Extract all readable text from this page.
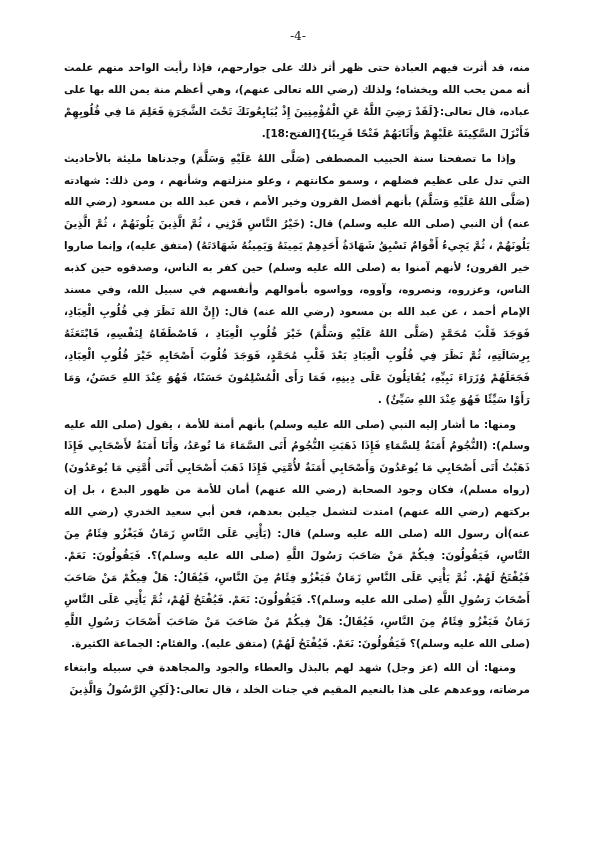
-4-

منه، قد أثرت فيهم العبادة حتى ظهر أثر ذلك على جوارحهم، فإذا رأيت الواحد منهم علمت أنه ممن يحب الله ويخشاه؛ ولذلك (رضي الله تعالى عنهم)، وهي أعظم منة يمن الله بها على عباده، قال تعالى:{لَقَدْ رَضِيَ اللَّهُ عَنِ الْمُؤْمِنِينَ إِذْ يُبَايِعُونَكَ تَحْتَ الشَّجَرَةِ فَعَلِمَ مَا فِي قُلُوبِهِمْ فَأَنْزَلَ السَّكِينَةَ عَلَيْهِمْ وَأَثَابَهُمْ فَتْحًا قَرِيبًا}[الفتح:18].

وإذا ما تصفحنا سنة الحبيب المصطفى (صَلَّى اللهُ عَلَيْهِ وَسَلَّمَ) وجدناها مليئة بالأحاديث التي تدل على عظيم فضلهم ، وسمو مكانتهم ، وعلو منزلتهم وشأنهم ، ومن ذلك: شهادته (صَلَّى اللهُ عَلَيْهِ وَسَلَّمَ) بأنهم أفضل القرون وخير الأمم ، فعن عبد الله بن مسعود (رضي الله عنه) أن النبي (صلى الله عليه وسلم) قال: (خَيْرُ النَّاسِ قَرْنِي ، ثُمَّ الَّذِينَ يَلُونَهُمْ ، ثُمَّ الَّذِينَ يَلُونَهُمْ ، ثُمَّ يَجِيءُ أَقْوَامٌ تَسْبِقُ شَهَادَةُ أَحَدِهِمْ يَمِينَهُ وَيَمِينُهُ شَهَادَتَهُ) (متفق عليه)، وإنما صاروا خير القرون؛ لأنهم آمنوا به (صلى الله عليه وسلم) حين كفر به الناس، وصدقوه حين كذبه الناس، وعزروه، ونصروه، وآووه، وواسوه بأموالهم وأنفسهم في سبيل الله، وفي مسند الإمام أحمد ، عن عبد الله بن مسعود (رضي الله عنه) قال: (إِنَّ اللهَ نَظَرَ فِي قُلُوبِ الْعِبَادِ، فَوَجَدَ قَلْبَ مُحَمَّدٍ (صَلَّى اللهُ عَلَيْهِ وَسَلَّمَ) خَيْرَ قُلُوبِ الْعِبَادِ ، فَاصْطَفَاهُ لِنَفْسِهِ، فَابْتَعَثَهُ بِرِسَالَتِهِ، ثُمَّ نَظَرَ فِي قُلُوبِ الْعِبَادِ بَعْدَ قَلْبِ مُحَمَّدٍ، فَوَجَدَ قُلُوبَ أَصْحَابِهِ خَيْرَ قُلُوبِ الْعِبَادِ، فَجَعَلَهُمْ وُزَرَاءَ نَبِيِّهِ، يُقَاتِلُونَ عَلَى دِينِهِ، فَمَا رَأَى الْمُسْلِمُونَ حَسَنًا، فَهُوَ عِنْدَ اللهِ حَسَنٌ، وَمَا رَأَوْا سَيِّئًا فَهُوَ عِنْدَ اللهِ سَيِّئٌ) .

ومنها: ما أشار إليه النبي (صلى الله عليه وسلم) بأنهم أمنة للأمة ، يقول (صلى الله عليه وسلم): (النُّجُومُ أَمَنَةٌ لِلسَّمَاءِ فَإِذَا ذَهَبَتِ النُّجُومُ أَتَى السَّمَاءَ مَا تُوعَدُ، وَأَنَا أَمَنَةٌ لأَصْحَابِي فَإِذَا ذَهَبْتُ أَتَى أَصْحَابِي مَا يُوعَدُونَ وَأَصْحَابِي أَمَنَةٌ لأُمَّتِي فَإِذَا ذَهَبَ أَصْحَابِي أَتَى أُمَّتِي مَا يُوعَدُونَ) (رواه مسلم)، فكان وجود الصحابة (رضي الله عنهم) أمان للأمة من ظهور البدع ، بل إن بركتهم (رضي الله عنهم) امتدت لتشمل جيلين بعدهم، فعن أبي سعيد الخدري (رضي الله عنه)أن رسول الله (صلى الله عليه وسلم) قال: (يَأْتِي عَلَى النَّاسِ زَمَانٌ فَيَغْزُو فِئَامٌ مِنَ النَّاسِ، فَيَقُولُونَ: فِيكُمْ مَنْ صَاحَبَ رَسُولَ اللَّهِ (صلى الله عليه وسلم)؟. فَيَقُولُونَ: نَعَمْ. فَيُفْتَحُ لَهُمْ. ثُمَّ يَأْتِي عَلَى النَّاسِ زَمَانٌ فَيَغْزُو فِئَامٌ مِنَ النَّاسِ، فَيُقَالُ: هَلْ فِيكُمْ مَنْ صَاحَبَ أَصْحَابَ رَسُولِ اللَّهِ (صلى الله عليه وسلم)؟. فَيَقُولُونَ: نَعَمْ. فَيُفْتَحُ لَهُمْ، ثُمَّ يَأْتِي عَلَى النَّاسِ زَمَانٌ فَيَغْزُو فِئَامٌ مِنَ النَّاسِ، فَيُقَالُ: هَلْ فِيكُمْ مَنْ صَاحَبَ مَنْ صَاحَبَ أَصْحَابَ رَسُولِ اللَّهِ (صلى الله عليه وسلم)؟ فَيَقُولُونَ: نَعَمْ. فَيُفْتَحُ لَهُمْ) (متفق عليه). والفئام: الجماعة الكثيرة.

ومنها: أن الله (عز وجل) شهد لهم بالبذل والعطاء والجود والمجاهدة في سبيله وابتغاء مرضاته، ووعدهم على هذا بالنعيم المقيم في جنات الخلد ، قال تعالى:{لَكِنِ الرَّسُولُ وَالَّذِينَ
